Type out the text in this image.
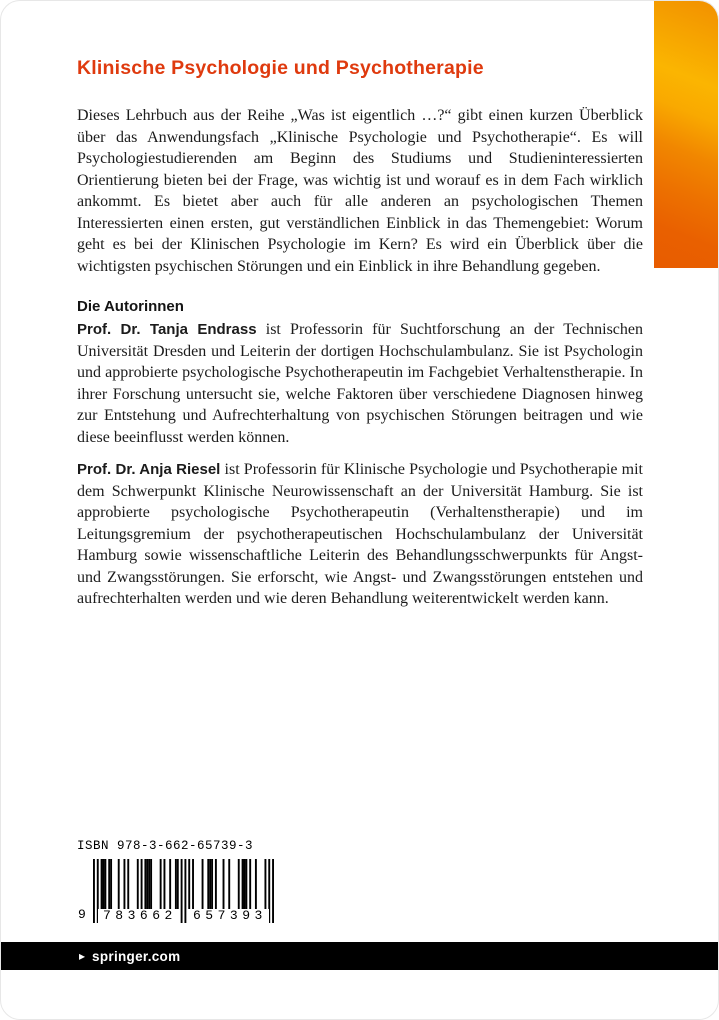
Klinische Psychologie und Psychotherapie

Dieses Lehrbuch aus der Reihe „Was ist eigentlich …?“ gibt einen kurzen Überblick über das Anwendungsfach „Klinische Psychologie und Psychotherapie“. Es will Psychologiestudierenden am Beginn des Studiums und Studieninteressierten Orientierung bieten bei der Frage, was wichtig ist und worauf es in dem Fach wirklich ankommt. Es bietet aber auch für alle anderen an psychologischen Themen Interessierten einen ersten, gut verständlichen Einblick in das Themengebiet: Worum geht es bei der Klinischen Psychologie im Kern? Es wird ein Überblick über die wichtigsten psychischen Störungen und ein Einblick in ihre Behandlung gegeben.

Die Autorinnen

Prof. Dr. Tanja Endrass ist Professorin für Suchtforschung an der Technischen Universität Dresden und Leiterin der dortigen Hochschulambulanz. Sie ist Psychologin und approbierte psychologische Psychotherapeutin im Fachgebiet Verhaltenstherapie. In ihrer Forschung untersucht sie, welche Faktoren über verschiedene Diagnosen hinweg zur Entstehung und Aufrechterhaltung von psychischen Störungen beitragen und wie diese beeinflusst werden können.

Prof. Dr. Anja Riesel ist Professorin für Klinische Psychologie und Psychotherapie mit dem Schwerpunkt Klinische Neurowissenschaft an der Universität Hamburg. Sie ist approbierte psychologische Psychotherapeutin (Verhaltenstherapie) und im Leitungsgremium der psychotherapeutischen Hochschulambulanz der Universität Hamburg sowie wissenschaftliche Leiterin des Behandlungsschwerpunkts für Angst- und Zwangsstörungen. Sie erforscht, wie Angst- und Zwangsstörungen entstehen und aufrechterhalten werden und wie deren Behandlung weiterentwickelt werden kann.

ISBN 978-3-662-65739-3
9	783662	657393
▸ springer.com
